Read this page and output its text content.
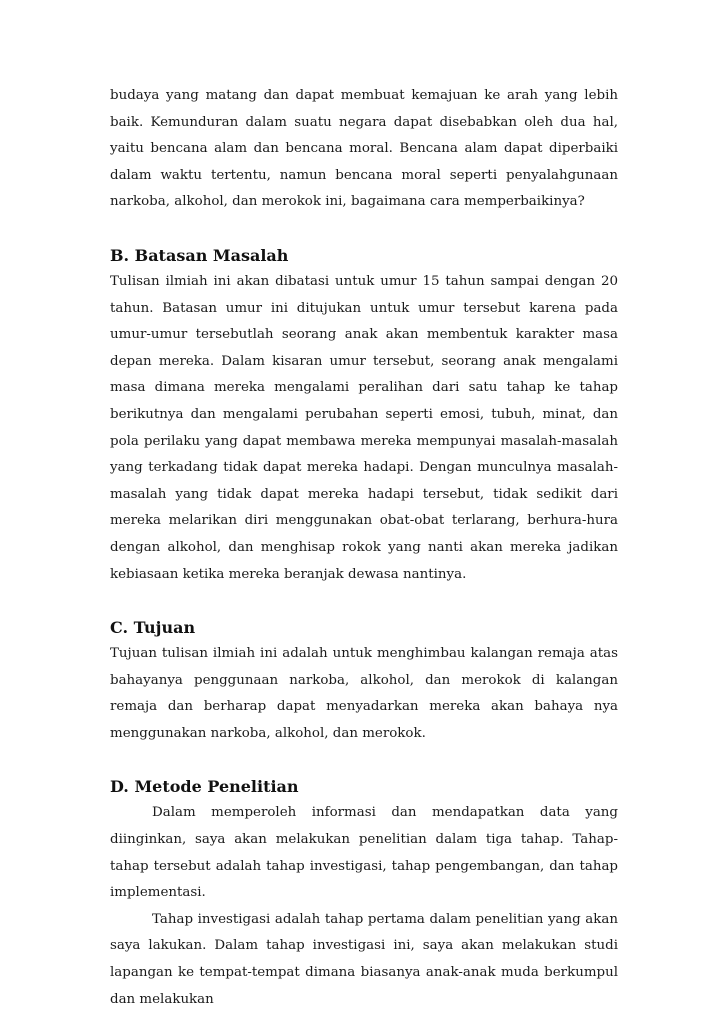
budaya yang matang dan dapat membuat kemajuan ke arah yang lebih baik. Kemunduran dalam suatu negara dapat disebabkan oleh dua hal, yaitu bencana alam dan bencana moral. Bencana alam dapat diperbaiki dalam waktu tertentu, namun bencana moral seperti penyalahgunaan narkoba, alkohol, dan merokok ini, bagaimana cara memperbaikinya?

B. Batasan Masalah

Tulisan ilmiah ini akan dibatasi untuk umur 15 tahun sampai dengan 20 tahun. Batasan umur ini ditujukan untuk umur tersebut karena pada umur-umur tersebutlah seorang anak akan membentuk karakter masa depan mereka. Dalam kisaran umur tersebut, seorang anak mengalami masa dimana mereka mengalami peralihan dari satu tahap ke tahap berikutnya dan mengalami perubahan seperti emosi, tubuh, minat, dan pola perilaku yang dapat membawa mereka mempunyai masalah-masalah yang terkadang tidak dapat mereka hadapi. Dengan munculnya masalah-masalah yang tidak dapat mereka hadapi tersebut, tidak sedikit dari mereka melarikan diri menggunakan obat-obat terlarang, berhura-hura dengan alkohol, dan menghisap rokok yang nanti akan mereka jadikan kebiasaan ketika mereka beranjak dewasa nantinya.

C. Tujuan

Tujuan tulisan ilmiah ini adalah untuk menghimbau kalangan remaja atas bahayanya penggunaan narkoba, alkohol, dan merokok di kalangan remaja dan berharap dapat menyadarkan mereka akan bahaya nya menggunakan narkoba, alkohol, dan merokok.

D. Metode Penelitian

Dalam memperoleh informasi dan mendapatkan data yang diinginkan, saya akan melakukan penelitian dalam tiga tahap. Tahap-tahap tersebut adalah tahap investigasi, tahap pengembangan, dan tahap implementasi.

Tahap investigasi adalah tahap pertama dalam penelitian yang akan saya lakukan. Dalam tahap investigasi ini, saya akan melakukan studi lapangan ke tempat-tempat dimana biasanya anak-anak muda berkumpul dan melakukan
